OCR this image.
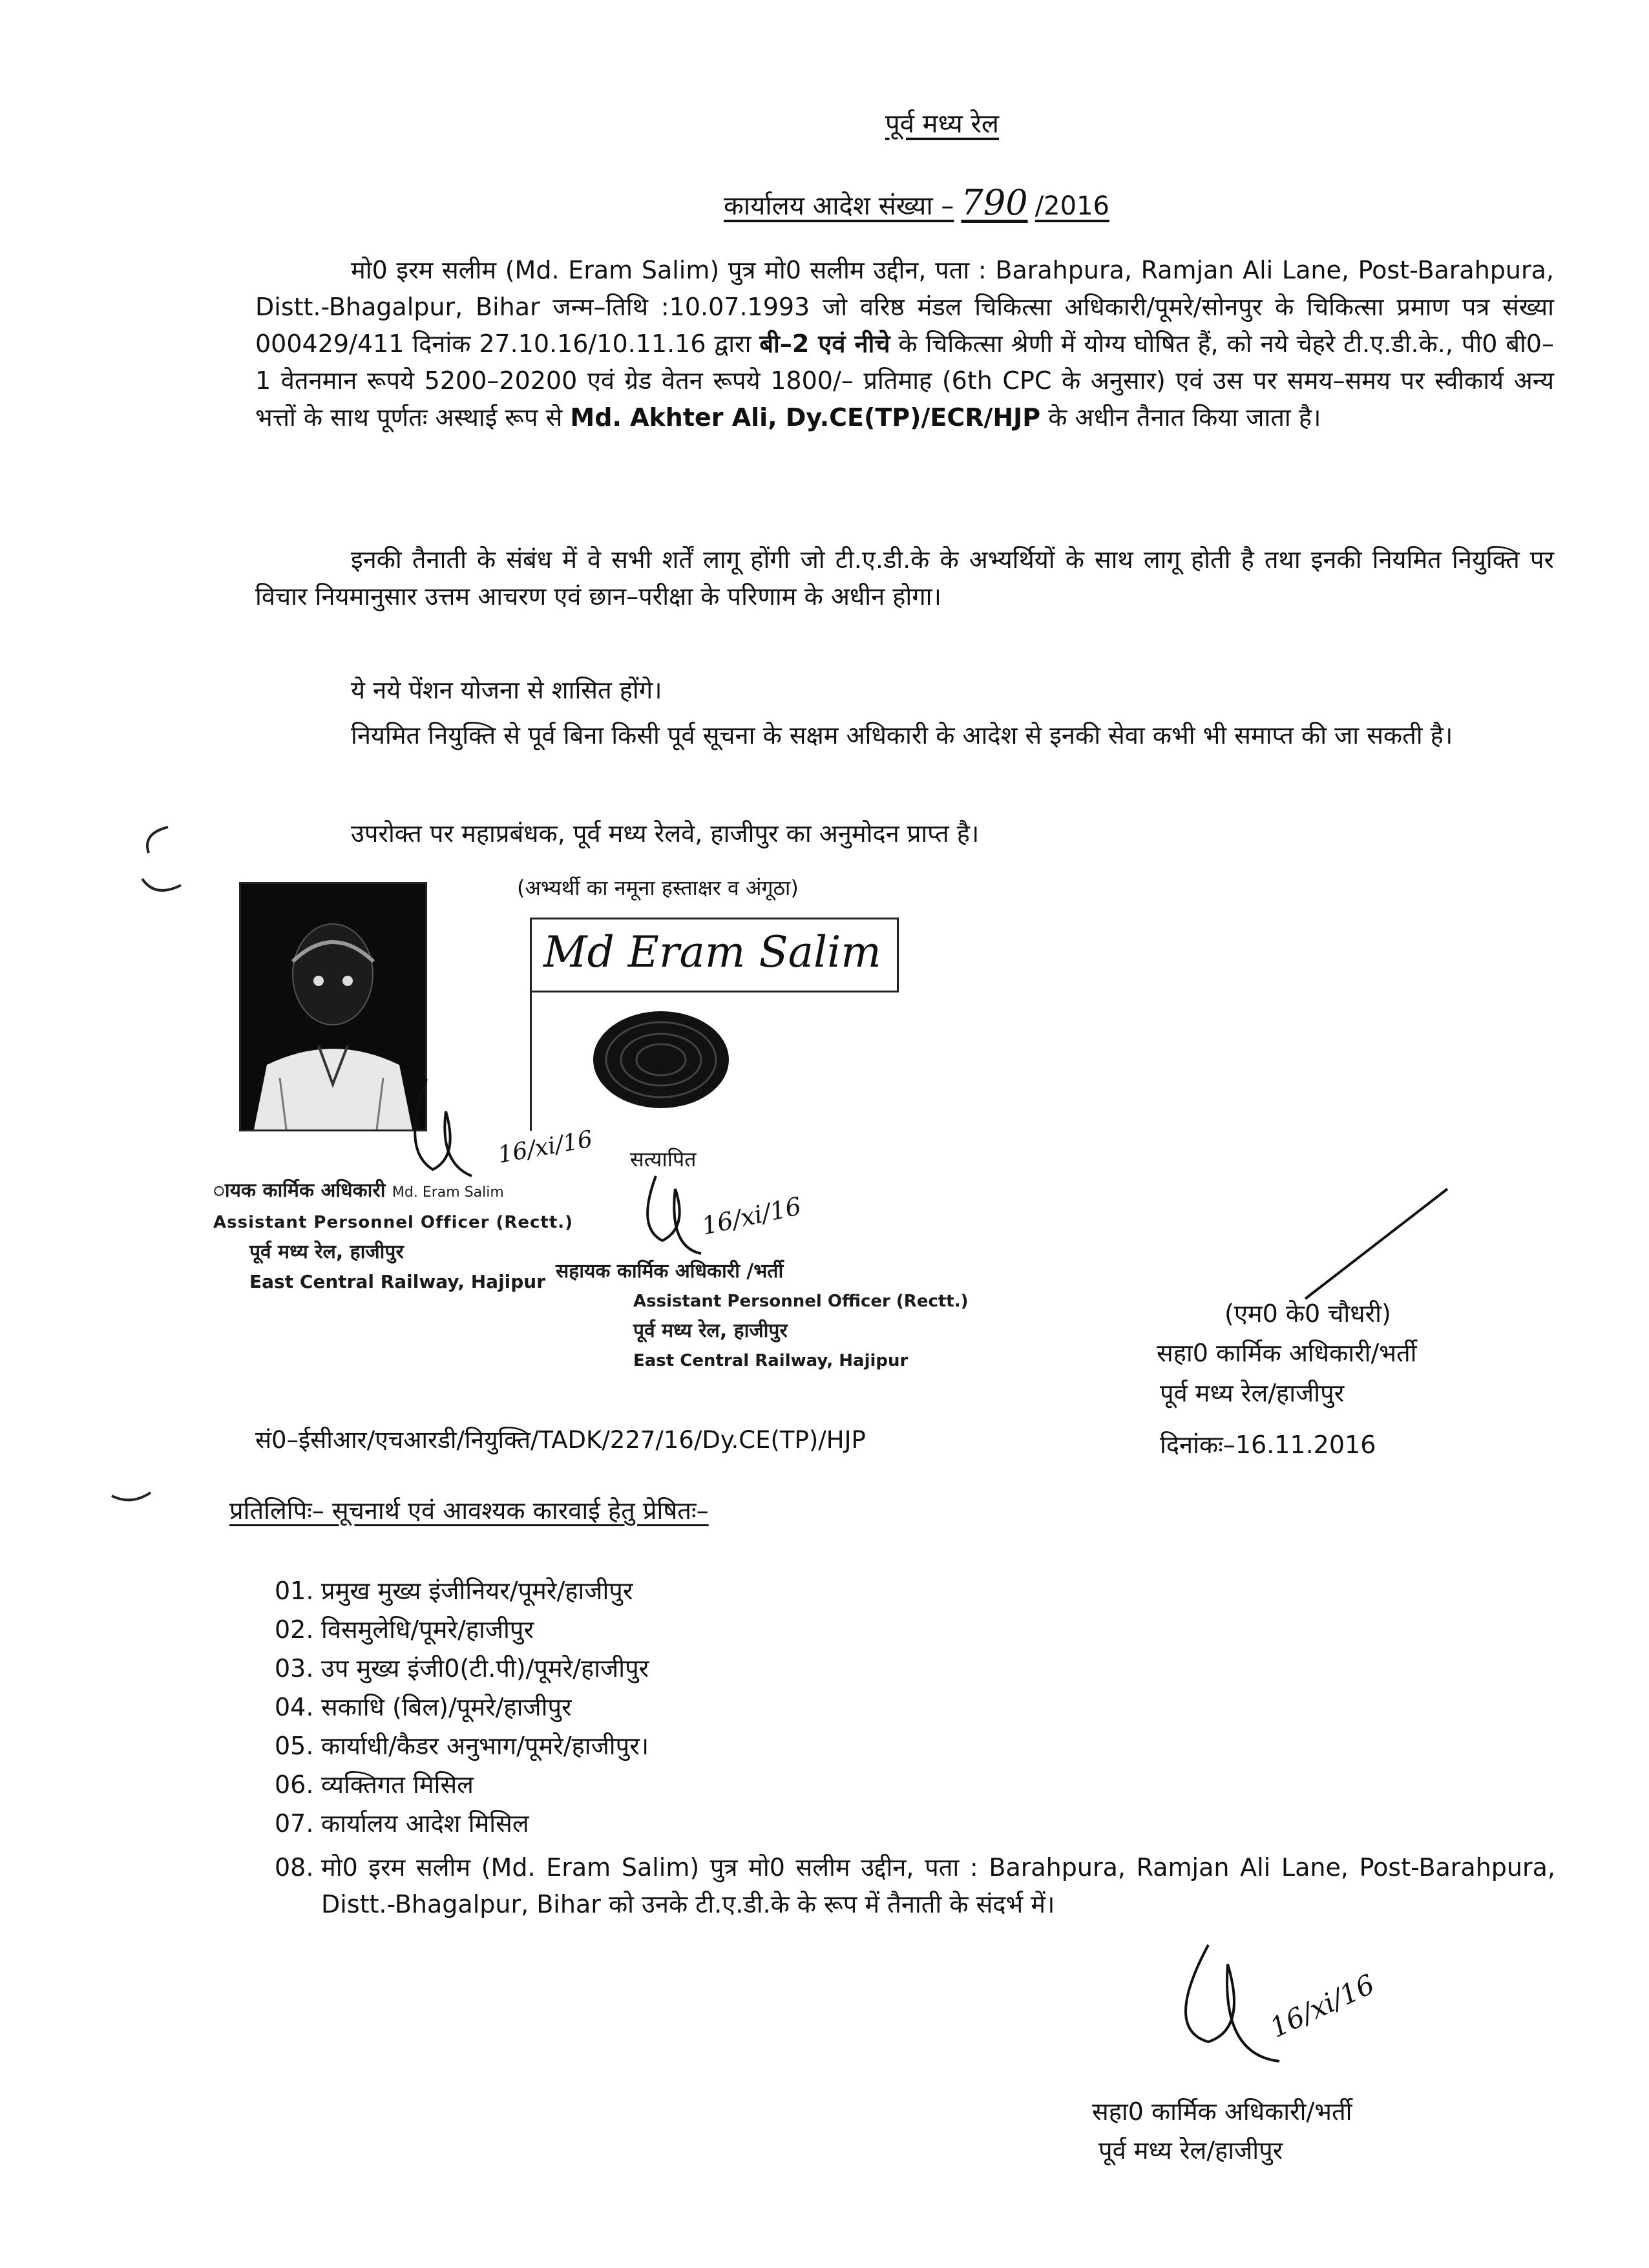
पूर्व मध्य रेल
कार्यालय आदेश संख्या – 790 /2016
मो0 इरम सलीम (Md. Eram Salim) पुत्र मो0 सलीम उद्दीन, पता : Barahpura, Ramjan Ali Lane, Post-Barahpura, Distt.-Bhagalpur, Bihar जन्म–तिथि :10.07.1993 जो वरिष्ठ मंडल चिकित्सा अधिकारी/पूमरे/सोनपुर के चिकित्सा प्रमाण पत्र संख्या 000429/411 दिनांक 27.10.16/10.11.16 द्वारा बी–2 एवं नीचे के चिकित्सा श्रेणी में योग्य घोषित हैं, को नये चेहरे टी.ए.डी.के., पी0 बी0–1 वेतनमान रूपये 5200–20200 एवं ग्रेड वेतन रूपये 1800/– प्रतिमाह (6th CPC के अनुसार) एवं उस पर समय–समय पर स्वीकार्य अन्य भत्तों के साथ पूर्णतः अस्थाई रूप से Md. Akhter Ali, Dy.CE(TP)/ECR/HJP के अधीन तैनात किया जाता है।
इनकी तैनाती के संबंध में वे सभी शर्तें लागू होंगी जो टी.ए.डी.के के अभ्यर्थियों के साथ लागू होती है तथा इनकी नियमित नियुक्ति पर विचार नियमानुसार उत्तम आचरण एवं छान–परीक्षा के परिणाम के अधीन होगा।
ये नये पेंशन योजना से शासित होंगे।
नियमित नियुक्ति से पूर्व बिना किसी पूर्व सूचना के सक्षम अधिकारी के आदेश से इनकी सेवा कभी भी समाप्त की जा सकती है।
उपरोक्त पर महाप्रबंधक, पूर्व मध्य रेलवे, हाजीपुर का अनुमोदन प्राप्त है।
(अभ्यर्थी का नमूना हस्ताक्षर व अंगूठा)
Md Eram Salim
सत्यापित
16/xi/16
ायक कार्मिक अधिकारी Md. Eram Salim
Assistant Personnel Officer (Rectt.)
पूर्व मध्य रेल, हाजीपुर
East Central Railway, Hajipur
16/xi/16
सहायक कार्मिक अधिकारी /भर्ती
Assistant Personnel Officer (Rectt.)
पूर्व मध्य रेल, हाजीपुर
East Central Railway, Hajipur
(एम0 के0 चौधरी)
सहा0 कार्मिक अधिकारी/भर्ती
पूर्व मध्य रेल/हाजीपुर
सं0–ईसीआर/एचआरडी/नियुक्ति/TADK/227/16/Dy.CE(TP)/HJP	दिनांकः–16.11.2016
प्रतिलिपिः– सूचनार्थ एवं आवश्यक कारवाई हेतु प्रेषितः–
01. प्रमुख मुख्य इंजीनियर/पूमरे/हाजीपुर
02. विसमुलेधि/पूमरे/हाजीपुर
03. उप मुख्य इंजी0(टी.पी)/पूमरे/हाजीपुर
04. सकाधि (बिल)/पूमरे/हाजीपुर
05. कार्याधी/कैडर अनुभाग/पूमरे/हाजीपुर।
06. व्यक्तिगत मिसिल
07. कार्यालय आदेश मिसिल
08. मो0 इरम सलीम (Md. Eram Salim) पुत्र मो0 सलीम उद्दीन, पता : Barahpura, Ramjan Ali Lane, Post-Barahpura, Distt.-Bhagalpur, Bihar को उनके टी.ए.डी.के के रूप में तैनाती के संदर्भ में।
16/xi/16
सहा0 कार्मिक अधिकारी/भर्ती
पूर्व मध्य रेल/हाजीपुर
